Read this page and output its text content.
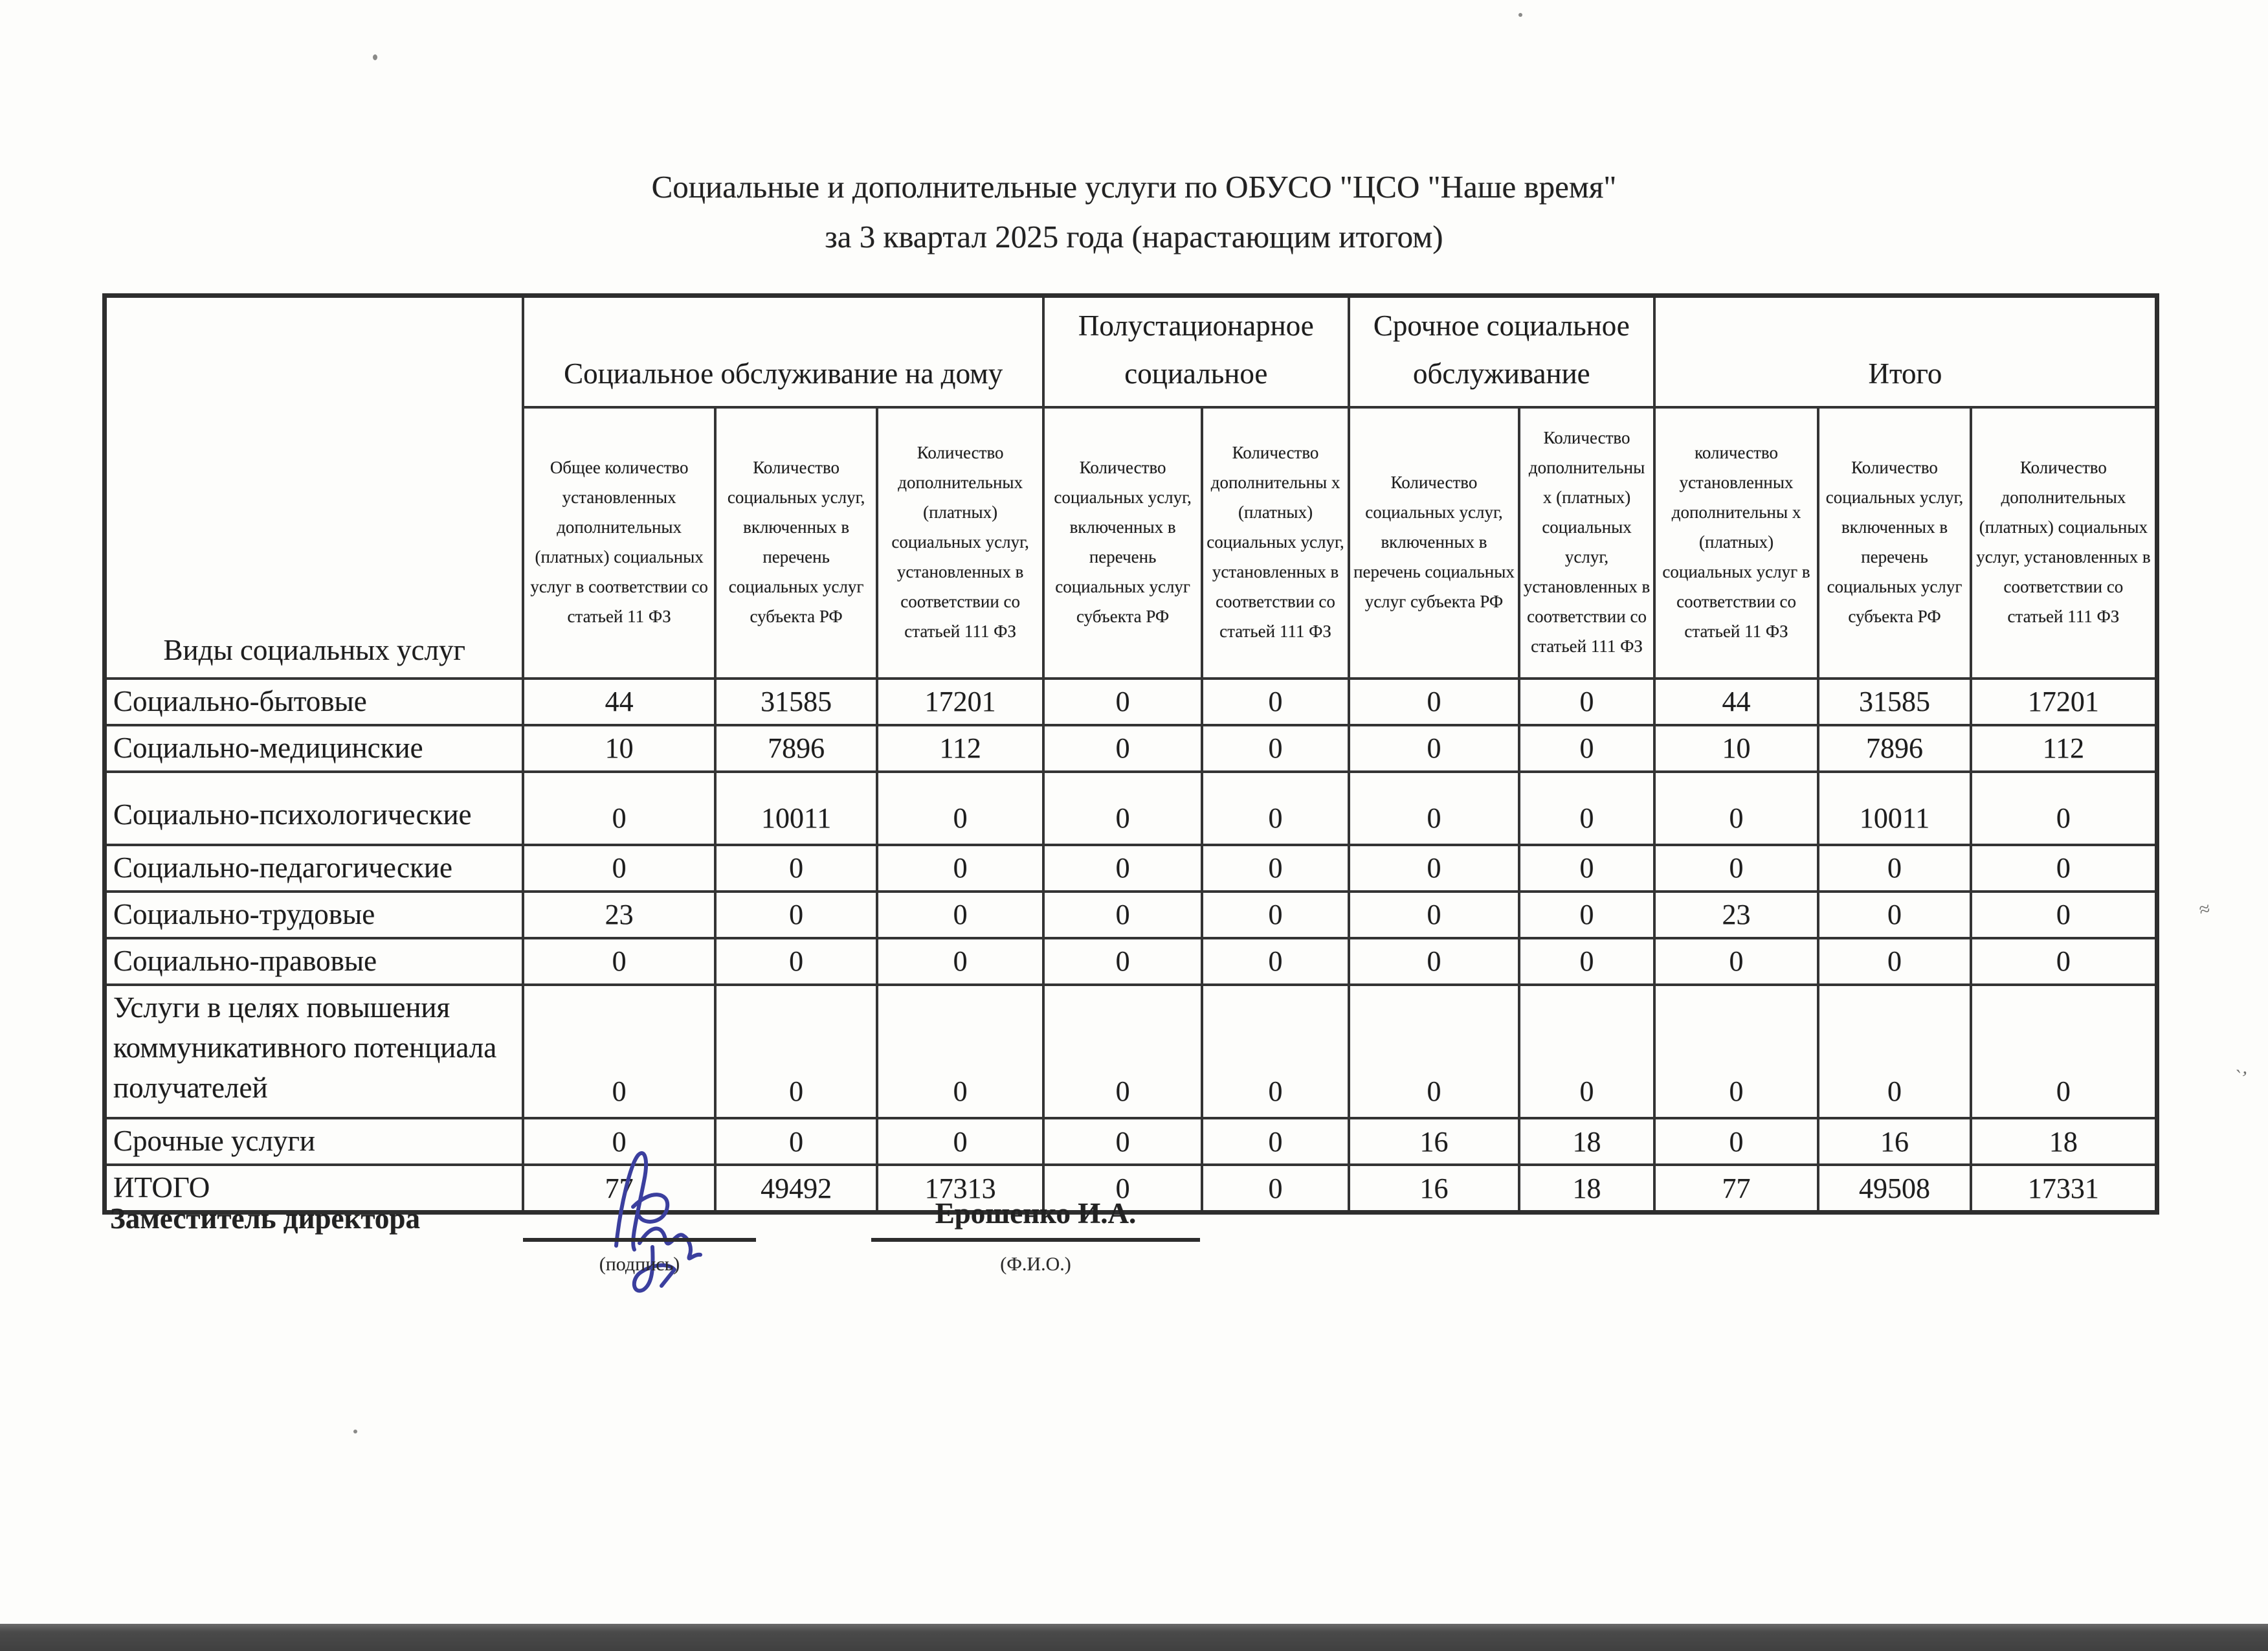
Социальные и дополнительные услуги по ОБУСО "ЦСО "Наше время"
за 3 квартал 2025 года (нарастающим итогом)
Виды социальных услуг	Социальное обслуживание на дому			Полустационарное социальное		Срочное социальное обслуживание		Итого		
	Общее количество установленных дополнительных (платных) социальных услуг в соответствии со статьей 11 ФЗ	Количество социальных услуг, включенных в перечень социальных услуг субъекта РФ	Количество дополнительных (платных) социальных услуг, установленных в соответствии со статьей 111 ФЗ	Количество социальных услуг, включенных в перечень социальных услуг субъекта РФ	Количество дополнительны х (платных) социальных услуг, установленных в соответствии со статьей 111 ФЗ	Количество социальных услуг, включенных в перечень социальных услуг субъекта РФ	Количество дополнительны х (платных) социальных услуг, установленных в соответствии со статьей 111 ФЗ	количество установленных дополнительны х (платных) социальных услуг в соответствии со статьей 11 ФЗ	Количество социальных услуг, включенных в перечень социальных услуг субъекта РФ	Количество дополнительных (платных) социальных услуг, установленных в соответствии со статьей 111 ФЗ
Социально-бытовые	44	31585	17201	0	0	0	0	44	31585	17201
Социально-медицинские	10	7896	112	0	0	0	0	10	7896	112
Социально-психологические	0	10011	0	0	0	0	0	0	10011	0
Социально-педагогические	0	0	0	0	0	0	0	0	0	0
Социально-трудовые	23	0	0	0	0	0	0	23	0	0
Социально-правовые	0	0	0	0	0	0	0	0	0	0
Услуги в целях повышения коммуникативного потенциала получателей	0	0	0	0	0	0	0	0	0	0
Срочные услуги	0	0	0	0	0	16	18	0	16	18
ИТОГО	77	49492	17313	0	0	16	18	77	49508	17331
Заместитель директора
(подпись)
Ерошенко И.А.
(Ф.И.О.)
≈
`’
